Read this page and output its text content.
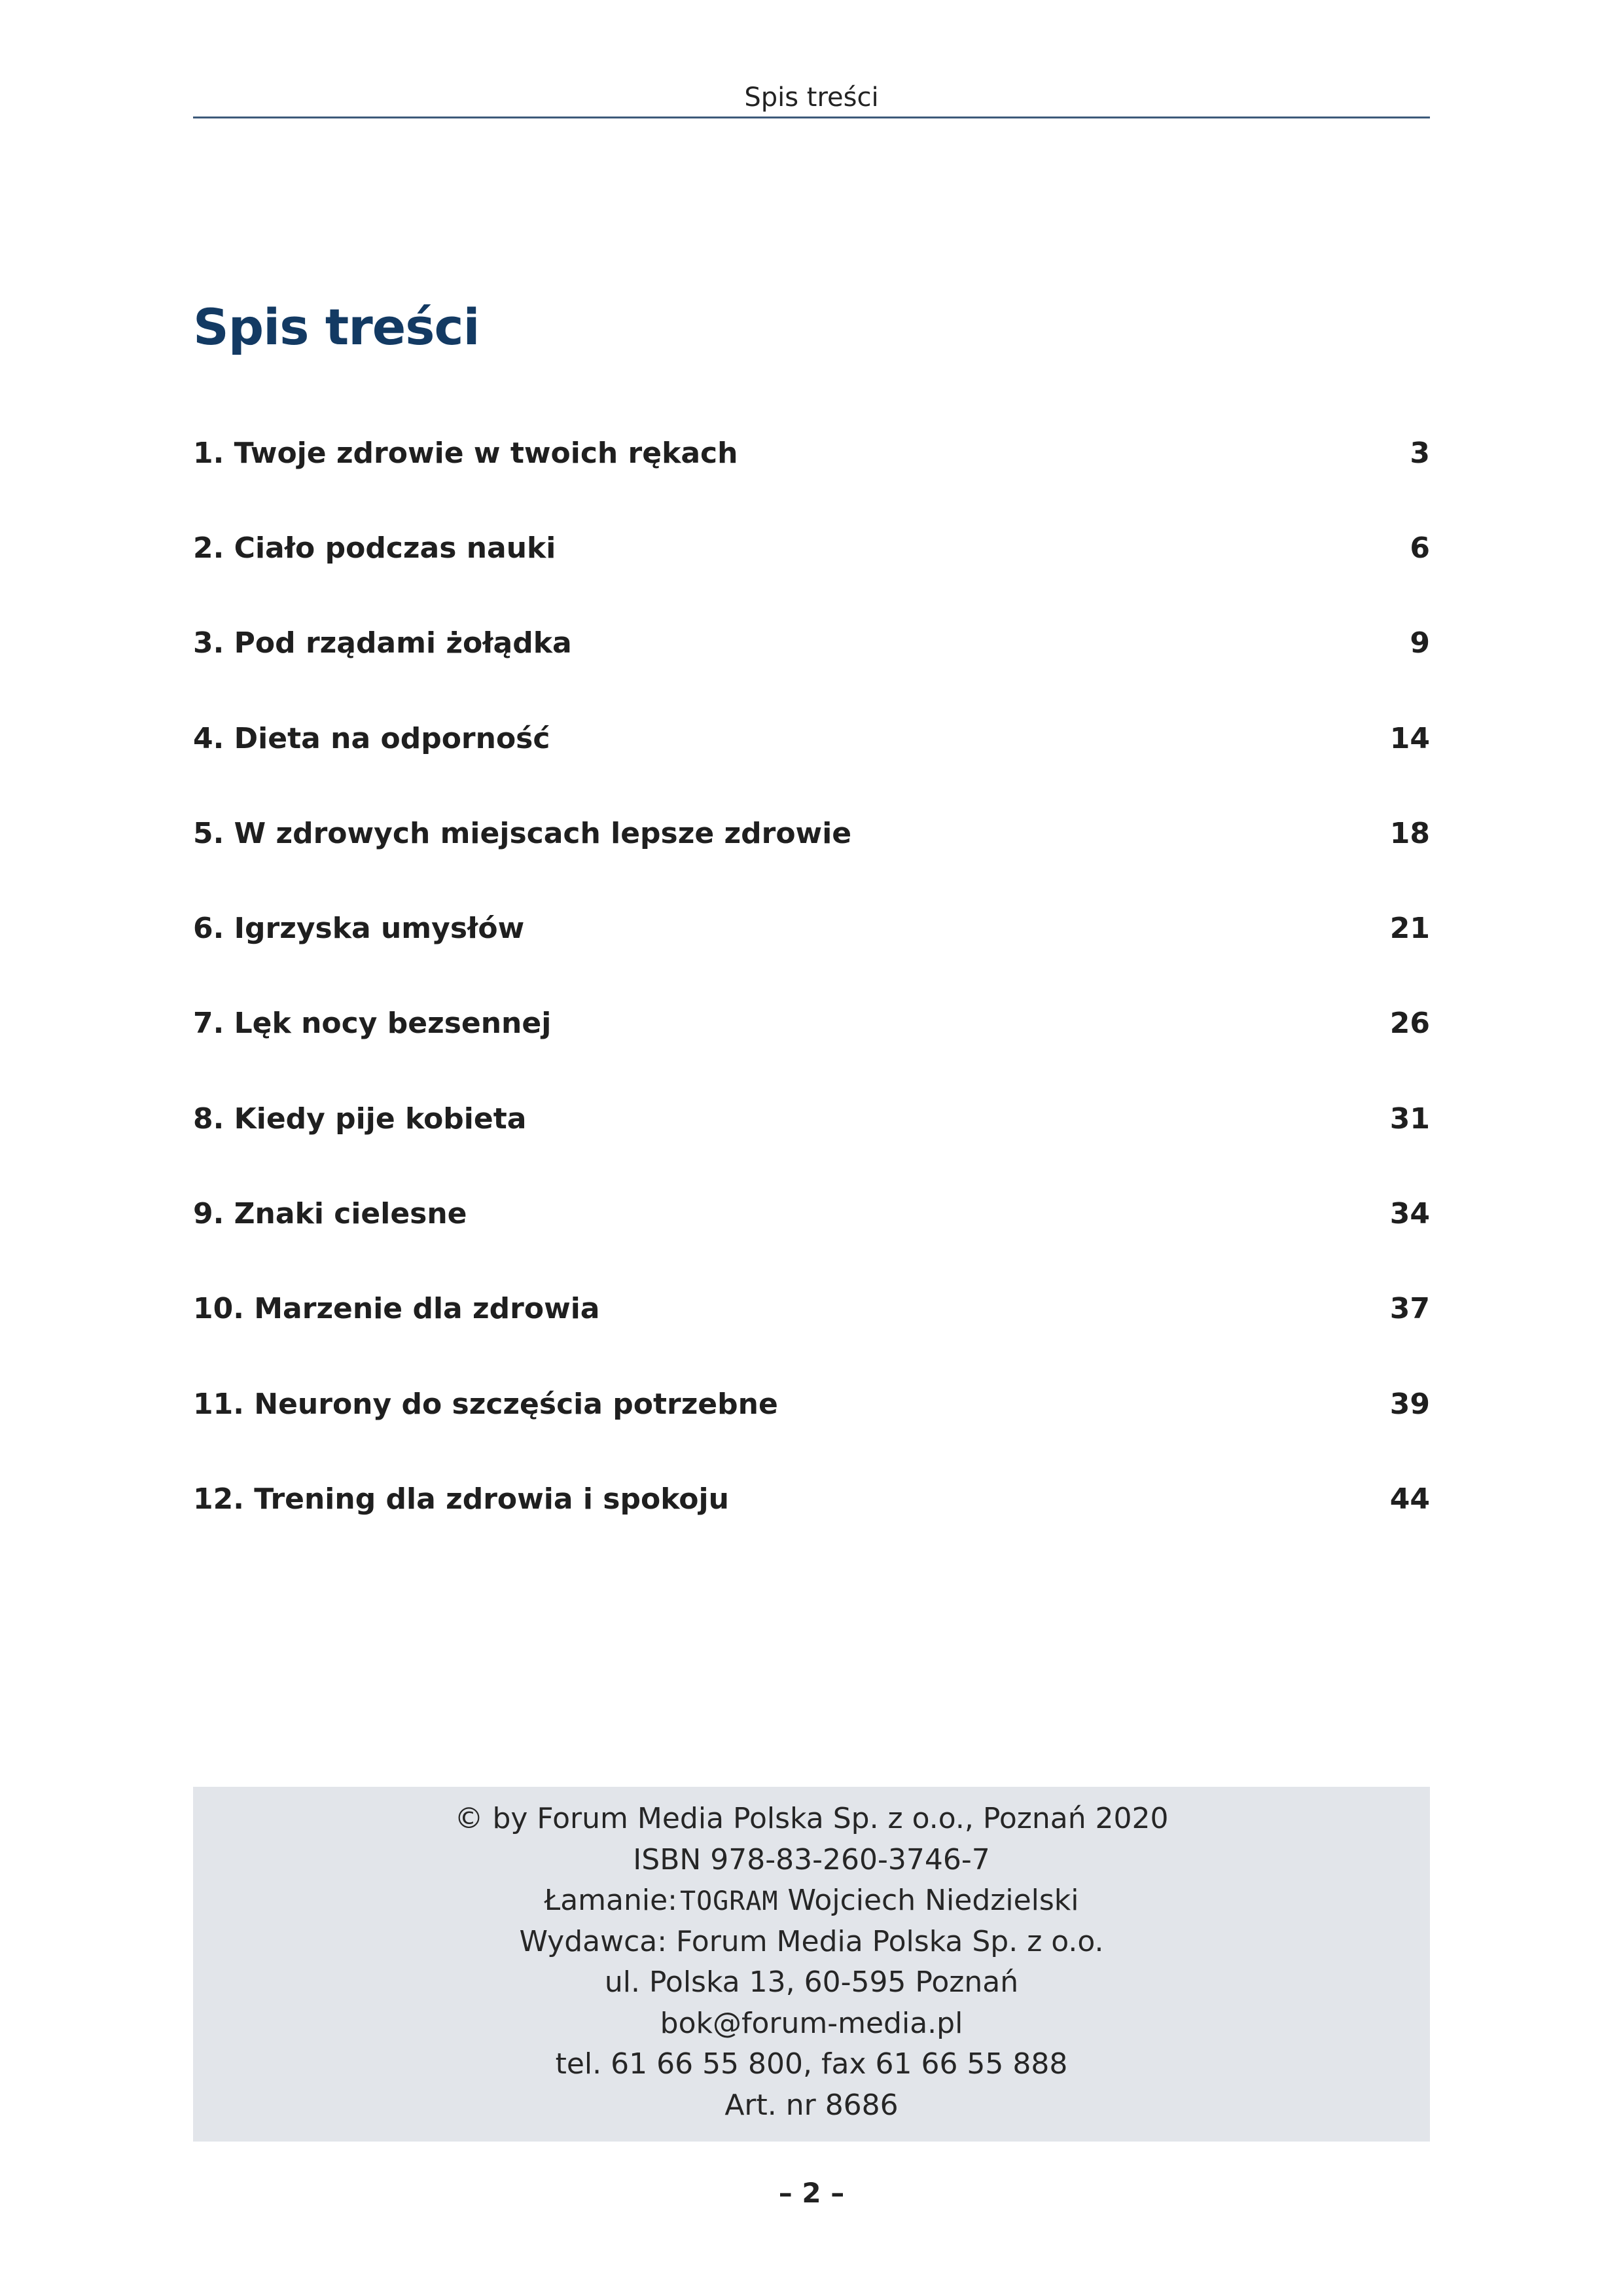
Spis treści
Spis treści
1. Twoje zdrowie w twoich rękach	3
2. Ciało podczas nauki	6
3. Pod rządami żołądka	9
4. Dieta na odporność	14
5. W zdrowych miejscach lepsze zdrowie	18
6. Igrzyska umysłów	21
7. Lęk nocy bezsennej	26
8. Kiedy pije kobieta	31
9. Znaki cielesne	34
10. Marzenie dla zdrowia	37
11. Neurony do szczęścia potrzebne	39
12. Trening dla zdrowia i spokoju	44
© by Forum Media Polska Sp. z o.o., Poznań 2020
ISBN 978-83-260-3746-7
Łamanie: TOGRAM Wojciech Niedzielski
Wydawca: Forum Media Polska Sp. z o.o.
ul. Polska 13, 60-595 Poznań
bok@forum-media.pl
tel. 61 66 55 800, fax 61 66 55 888
Art. nr 8686
– 2 –
